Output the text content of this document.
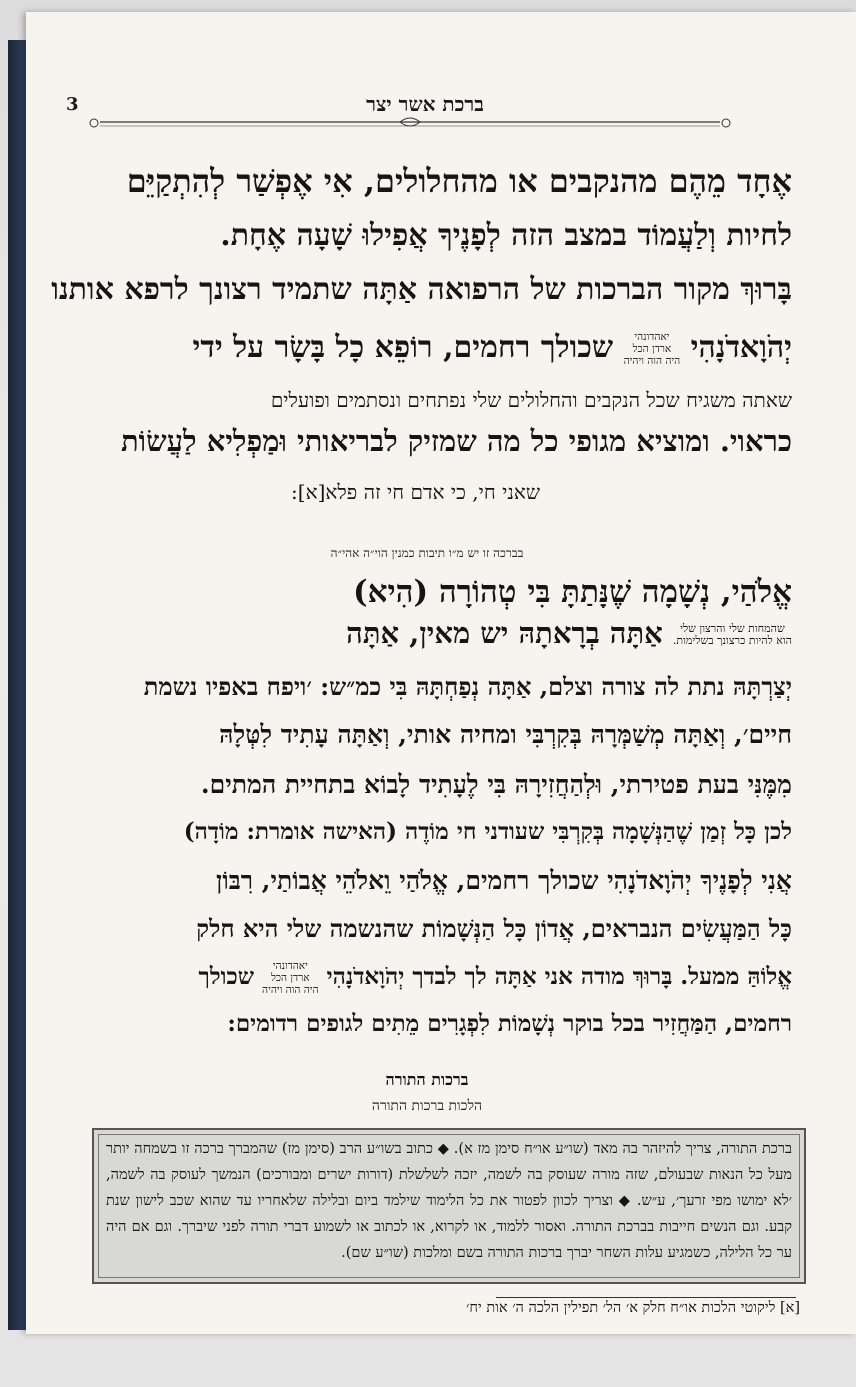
3	ברכת אשר יצר
אֶחָד מֵהֶם מהנקבים או מהחלולים, אִי אֶפְשַׁר לְהִתְקַיֵּם
לחיות וְלַעֲמוֹד במצב הזה לְפָנֶיךָ אֲפִילוּ שָׁעָה אֶחָת.
בָּרוּךְ מקור הברכות של הרפואה אַתָּה שתמיד רצונך לרפא אותנו
יְהֹוָאדֹנָהִי יאהדונהי
ארדן הכל
היה הוה ויהיה שכולך רחמים, רוֹפֵא כָל בָּשָׂר על ידי
שאתה משגיח שכל הנקבים והחלולים שלי נפתחים ונסתמים ופועלים
כראוי. ומוציא מגופי כל מה שמזיק לבריאותי וּמַפְלִיא לַעֲשׂוֹת
שאני חי, כי אדם חי זה פלא[א]:
בברכה זו יש מ״ו תיבות כמנין הוי״ה אהי״ה
אֱלֹהַי, נְשָׁמָה שֶׁנָּתַתָּ בִּי טְהוֹרָה (הִיא)
שהמחות שלי והרצון שלי
הוא להיות כרצונך בשלימות. אַתָּה בְרָאתָהּ יש מאין, אַתָּה
יְצַרְתָּהּ נתת לה צורה וצלם, אַתָּה נְפַחְתָּהּ בִּי כמ״ש: ׳ויפח באפיו נשמת
חיים׳, וְאַתָּה מְשַׁמְּרָהּ בְּקִרְבִּי ומחיה אותי, וְאַתָּה עָתִיד לִטְּלָהּ
מִמֶּנִּי בעת פטירתי, וּלְהַחֲזִירָהּ בִּי לֶעָתִיד לָבוֹא בתחיית המתים.
לכן כָּל זְמַן שֶׁהַנְּשָׁמָה בְּקִרְבִּי שעודני חי מוֹדֶה (האישה אומרת: מוֹדָה)
אֲנִי לְפָנֶיךָ יְהֹוָאדֹנָהִי שכולך רחמים, אֱלֹהַי וֵאלֹהֵי אֲבוֹתַי, רִבּוֹן
כָּל הַמַּעֲשִׂים הנבראים, אֲדוֹן כָּל הַנְּשָׁמוֹת שהנשמה שלי היא חלק
אֱלוֹהַּ ממעל. בָּרוּךְ מודה אני אַתָּה לך לבדך יְהֹוָאדֹנָהִי יאהדונהי
ארדן הכל
היה הוה ויהיה שכולך
רחמים, הַמַּחֲזִיר בכל בוקר נְשָׁמוֹת לִפְגָרִים מֵתִים לגופים רדומים:
ברכות התורה
הלכות ברכות התורה
ברכת התורה, צריך להיזהר בה מאד (שו״ע או״ח סימן מז א). ◆ כתוב בשו״ע הרב (סימן מז) שהמברך ברכה זו בשמחה יותר מעל כל הנאות שבעולם, שזה מורה שעוסק בה לשמה, יזכה לשלשלת (דורות ישרים ומבורכים) הנמשך לעוסק בה לשמה, ׳לא ימושו מפי זרעך׳, ע״ש. ◆ וצריך לכוון לפטור את כל הלימוד שילמד ביום ובלילה שלאחריו עד שהוא שכב לישון שנת קבע. וגם הנשים חייבות בברכת התורה. ואסור ללמוד, או לקרוא, או לכתוב או לשמוע דברי תורה לפני שיברך. וגם אם היה ער כל הלילה, כשמגיע עלות השחר יברך ברכות התורה בשם ומלכות (שו״ע שם).
[א] ליקוטי הלכות או״ח חלק א׳ הל׳ תפילין הלכה ה׳ אות יח׳
